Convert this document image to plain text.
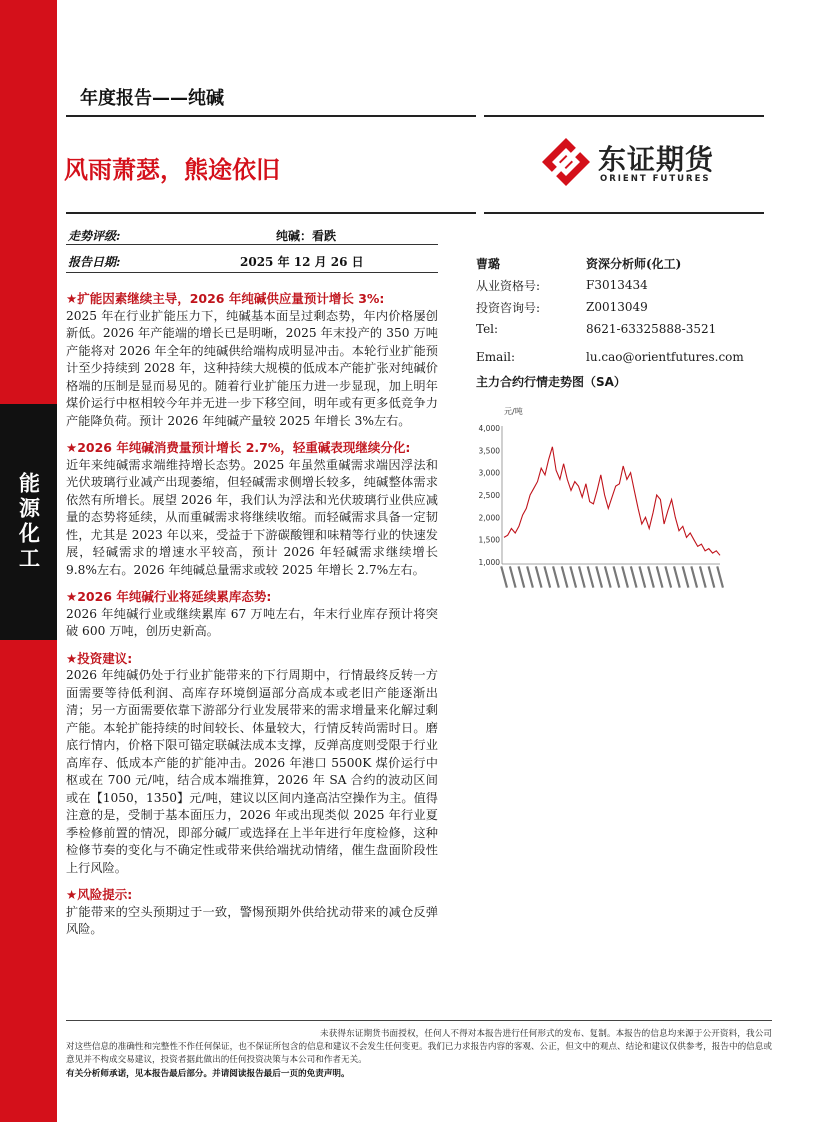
能源化工
年度报告——纯碱
风雨萧瑟，熊途依旧	东证期货
ORIENT FUTURES
走势评级:	纯碱：看跌
报告日期:	2025 年 12 月 26 日

★扩能因素继续主导，2026 年纯碱供应量预计增长 3%:

2025 年在行业扩能压力下，纯碱基本面呈过剩态势，年内价格屡创新低。2026 年产能端的增长已是明晰，2025 年末投产的 350 万吨产能将对 2026 年全年的纯碱供给端构成明显冲击。本轮行业扩能预计至少持续到 2028 年，这种持续大规模的低成本产能扩张对纯碱价格端的压制是显而易见的。随着行业扩能压力进一步显现，加上明年煤价运行中枢相较今年并无进一步下移空间，明年或有更多低竞争力产能降负荷。预计 2026 年纯碱产量较 2025 年增长 3%左右。

★2026 年纯碱消费量预计增长 2.7%，轻重碱表现继续分化:

近年来纯碱需求端维持增长态势。2025 年虽然重碱需求端因浮法和光伏玻璃行业减产出现萎缩，但轻碱需求侧增长较多，纯碱整体需求依然有所增长。展望 2026 年，我们认为浮法和光伏玻璃行业供应减量的态势将延续，从而重碱需求将继续收缩。而轻碱需求具备一定韧性，尤其是 2023 年以来，受益于下游碳酸锂和味精等行业的快速发展，轻碱需求的增速水平较高，预计 2026 年轻碱需求继续增长 9.8%左右。2026 年纯碱总量需求或较 2025 年增长 2.7%左右。

★2026 年纯碱行业将延续累库态势:

2026 年纯碱行业或继续累库 67 万吨左右，年末行业库存预计将突破 600 万吨，创历史新高。

★投资建议:

2026 年纯碱仍处于行业扩能带来的下行周期中，行情最终反转一方面需要等待低利润、高库存环境倒逼部分高成本或老旧产能逐渐出清；另一方面需要依靠下游部分行业发展带来的需求增量来化解过剩产能。本轮扩能持续的时间较长、体量较大，行情反转尚需时日。磨底行情内，价格下限可锚定联碱法成本支撑，反弹高度则受限于行业高库存、低成本产能的扩能冲击。2026 年港口 5500K 煤价运行中枢或在 700 元/吨，结合成本端推算，2026 年 SA 合约的波动区间或在【1050，1350】元/吨，建议以区间内逢高沽空操作为主。值得注意的是，受制于基本面压力，2026 年或出现类似 2025 年行业夏季检修前置的情况，即部分碱厂或选择在上半年进行年度检修，这种检修节奏的变化与不确定性或带来供给端扰动情绪，催生盘面阶段性上行风险。

★风险提示:

扩能带来的空头预期过于一致，警惕预期外供给扰动带来的减仓反弹风险。

曹璐	资深分析师(化工)
从业资格号:	F3013434
投资咨询号:	Z0013049
Tel:	8621-63325888-3521
Email:	lu.cao@orientfutures.com
主力合约行情走势图（SA）
元/吨
1,000
1,500
2,000
2,500
3,000
3,500
4,000
未获得东证期货书面授权，任何人不得对本报告进行任何形式的发布、复制。本报告的信息均来源于公开资料，我公司对这些信息的准确性和完整性不作任何保证，也不保证所包含的信息和建议不会发生任何变更。我们已力求报告内容的客观、公正，但文中的观点、结论和建议仅供参考，报告中的信息或意见并不构成交易建议，投资者据此做出的任何投资决策与本公司和作者无关。
有关分析师承诺，见本报告最后部分。并请阅读报告最后一页的免责声明。
